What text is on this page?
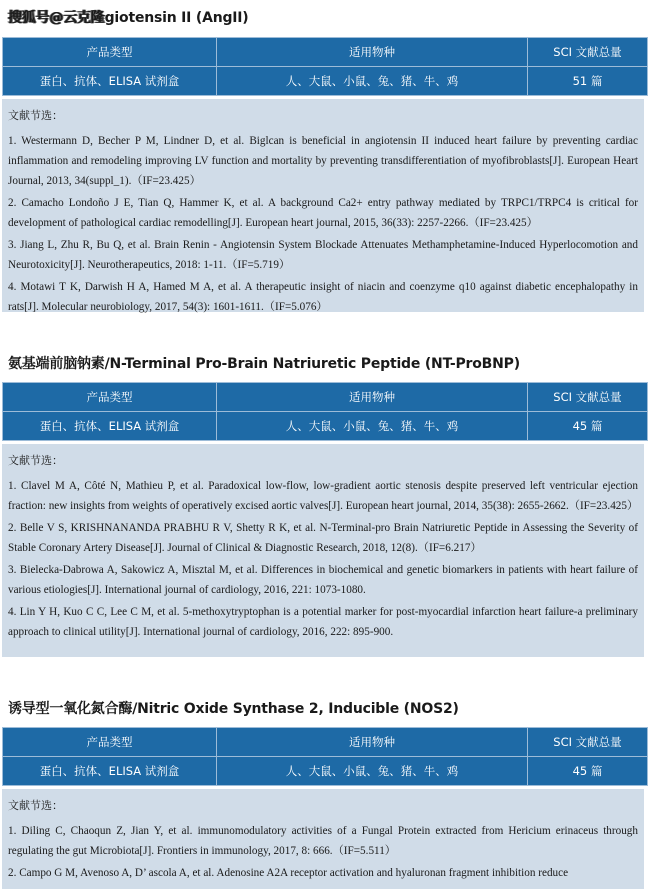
搜狐号@云克隆giotensin II (AngII)
产品类型	适用物种	SCI 文献总量
蛋白、抗体、ELISA 试剂盒	人、大鼠、小鼠、兔、猪、牛、鸡	51 篇
文献节选：
1. Westermann D, Becher P M, Lindner D, et al. Biglcan is beneficial in angiotensin II induced heart failure by preventing cardiac inflammation and remodeling improving LV function and mortality by preventing transdifferentiation of myofibroblasts[J]. European Heart Journal, 2013, 34(suppl_1).（IF=23.425）
2. Camacho Londoño J E, Tian Q, Hammer K, et al. A background Ca2+ entry pathway mediated by TRPC1/TRPC4 is critical for development of pathological cardiac remodelling[J]. European heart journal, 2015, 36(33): 2257-2266.（IF=23.425）
3. Jiang L, Zhu R, Bu Q, et al. Brain Renin - Angiotensin System Blockade Attenuates Methamphetamine-Induced Hyperlocomotion and Neurotoxicity[J]. Neurotherapeutics, 2018: 1-11.（IF=5.719）
4. Motawi T K, Darwish H A, Hamed M A, et al. A therapeutic insight of niacin and coenzyme q10 against diabetic encephalopathy in rats[J]. Molecular neurobiology, 2017, 54(3): 1601-1611.（IF=5.076）
氨基端前脑钠素/N-Terminal Pro-Brain Natriuretic Peptide (NT-ProBNP)
产品类型	适用物种	SCI 文献总量
蛋白、抗体、ELISA 试剂盒	人、大鼠、小鼠、兔、猪、牛、鸡	45 篇
文献节选：
1. Clavel M A, Côté N, Mathieu P, et al. Paradoxical low-flow, low-gradient aortic stenosis despite preserved left ventricular ejection fraction: new insights from weights of operatively excised aortic valves[J]. European heart journal, 2014, 35(38): 2655-2662.（IF=23.425）
2. Belle V S, KRISHNANANDA PRABHU R V, Shetty R K, et al. N-Terminal-pro Brain Natriuretic Peptide in Assessing the Severity of Stable Coronary Artery Disease[J]. Journal of Clinical & Diagnostic Research, 2018, 12(8).（IF=6.217）
3. Bielecka-Dabrowa A, Sakowicz A, Misztal M, et al. Differences in biochemical and genetic biomarkers in patients with heart failure of various etiologies[J]. International journal of cardiology, 2016, 221: 1073-1080.
4. Lin Y H, Kuo C C, Lee C M, et al. 5-methoxytryptophan is a potential marker for post-myocardial infarction heart failure-a preliminary approach to clinical utility[J]. International journal of cardiology, 2016, 222: 895-900.
诱导型一氧化氮合酶/Nitric Oxide Synthase 2, Inducible (NOS2)
产品类型	适用物种	SCI 文献总量
蛋白、抗体、ELISA 试剂盒	人、大鼠、小鼠、兔、猪、牛、鸡	45 篇
文献节选：
1. Diling C, Chaoqun Z, Jian Y, et al. immunomodulatory activities of a Fungal Protein extracted from Hericium erinaceus through regulating the gut Microbiota[J]. Frontiers in immunology, 2017, 8: 666.（IF=5.511）
2. Campo G M, Avenoso A, D’ ascola A, et al. Adenosine A2A receptor activation and hyaluronan fragment inhibition reduce
